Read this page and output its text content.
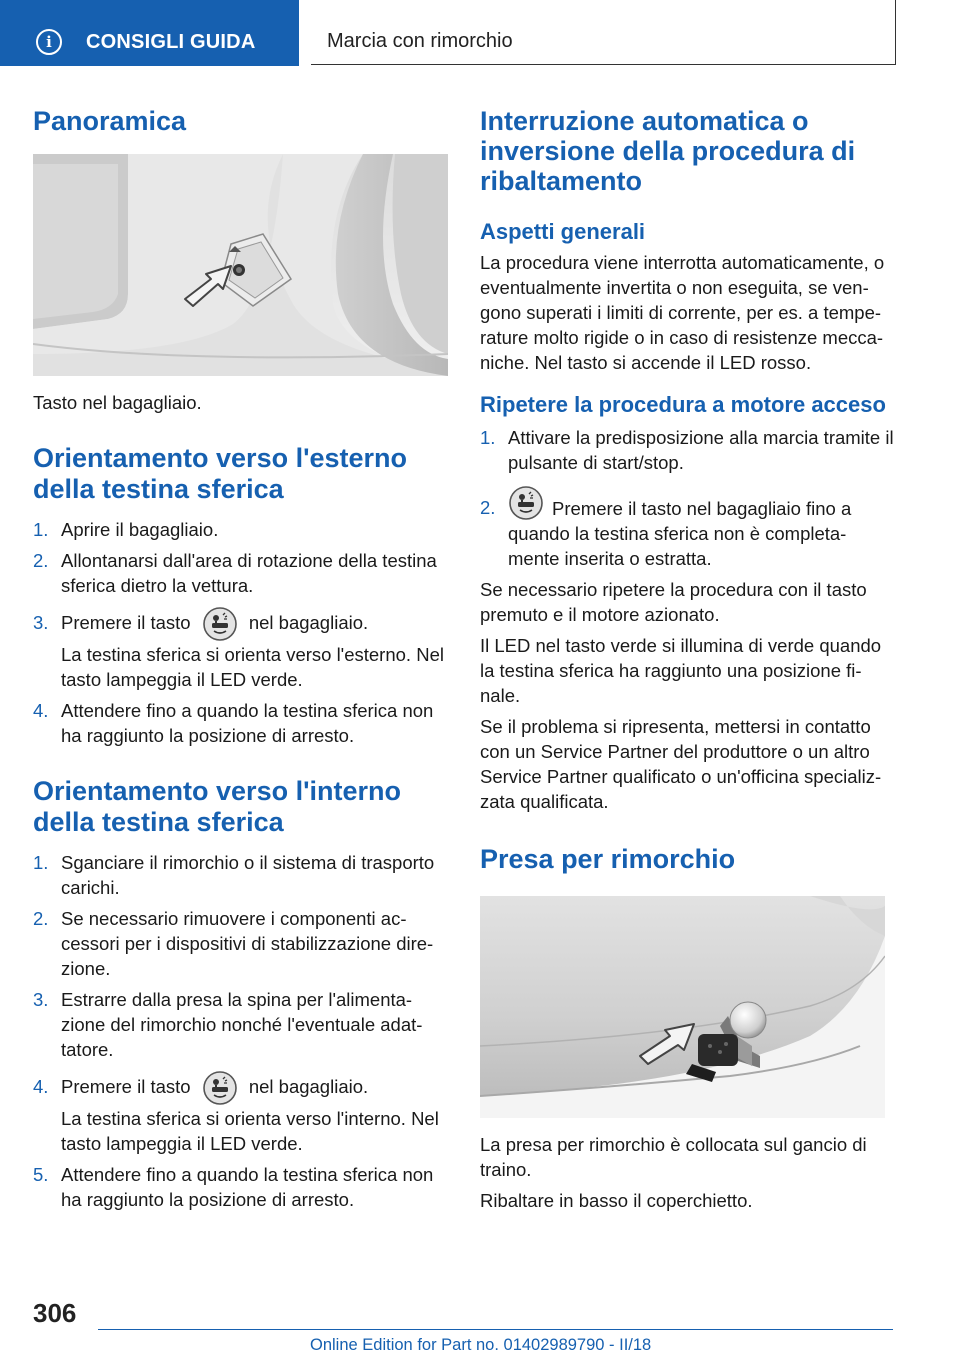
i	CONSIGLI GUIDA	Marcia con rimorchio
Panoramica

Tasto nel bagagliaio.

Orientamento verso l'esterno della testina sferica
1. Aprire il bagagliaio.
2. Allontanarsi dall'area di rotazione della testina sferica dietro la vettura.
3. Premere il tasto	nel bagagliaio.
La testina sferica si orienta verso l'esterno. Nel tasto lampeggia il LED verde.
4. Attendere fino a quando la testina sferica non ha raggiunto la posizione di arresto.
Orientamento verso l'interno della testina sferica
1. Sganciare il rimorchio o il sistema di trasporto carichi.
2. Se necessario rimuovere i componenti ac-cessori per i dispositivi di stabilizzazione dire-zione.
3. Estrarre dalla presa la spina per l'alimenta-zione del rimorchio nonché l'eventuale adat-tatore.
4. Premere il tasto	nel bagagliaio.
La testina sferica si orienta verso l'interno. Nel tasto lampeggia il LED verde.
5. Attendere fino a quando la testina sferica non ha raggiunto la posizione di arresto.
Interruzione automatica o inversione della procedura di ribaltamento
Aspetti generali

La procedura viene interrotta automaticamente, o eventualmente invertita o non eseguita, se ven-gono superati i limiti di corrente, per es. a tempe-rature molto rigide o in caso di resistenze mecca-niche. Nel tasto si accende il LED rosso.

Ripetere la procedura a motore acceso
1. Attivare la predisposizione alla marcia tramite il pulsante di start/stop.
2.	Premere il tasto nel bagagliaio fino a quando la testina sferica non è completa-mente inserita o estratta.

Se necessario ripetere la procedura con il tasto premuto e il motore azionato.

Il LED nel tasto verde si illumina di verde quando la testina sferica ha raggiunto una posizione fi-nale.

Se il problema si ripresenta, mettersi in contatto con un Service Partner del produttore o un altro Service Partner qualificato o un'officina specializ-zata qualificata.

Presa per rimorchio

La presa per rimorchio è collocata sul gancio di traino.

Ribaltare in basso il coperchietto.

306
Online Edition for Part no. 01402989790 - II/18
